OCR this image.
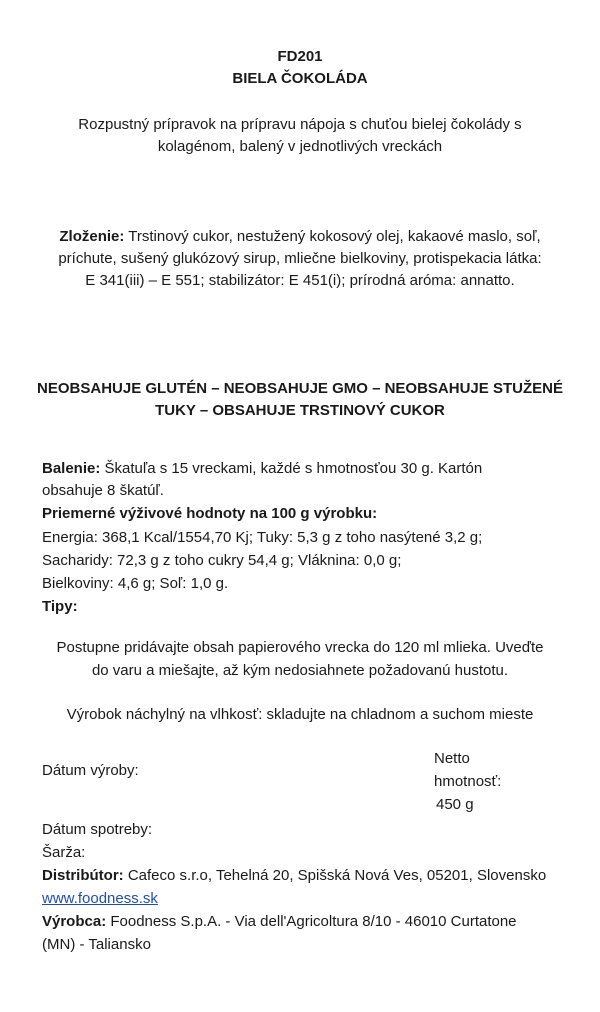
FD201
BIELA ČOKOLÁDA
Rozpustný prípravok na prípravu nápoja s chuťou bielej čokolády s
kolagénom, balený v jednotlivých vreckách
Zloženie: Trstinový cukor, nestužený kokosový olej, kakaové maslo, soľ,
príchute, sušený glukózový sirup, mliečne bielkoviny, protispekacia látka:
E 341(iii) – E 551; stabilizátor: E 451(i); prírodná aróma: annatto.
NEOBSAHUJE GLUTÉN – NEOBSAHUJE GMO – NEOBSAHUJE STUŽENÉ
TUKY – OBSAHUJE TRSTINOVÝ CUKOR
Balenie: Škatuľa s 15 vreckami, každé s hmotnosťou 30 g. Kartón
obsahuje 8 škatúľ.
Priemerné výživové hodnoty na 100 g výrobku:
Energia: 368,1 Kcal/1554,70 Kj; Tuky: 5,3 g z toho nasýtené 3,2 g;
Sacharidy: 72,3 g z toho cukry 54,4 g; Vláknina: 0,0 g;
Bielkoviny: 4,6 g; Soľ: 1,0 g.
Tipy:
Postupne pridávajte obsah papierového vrecka do 120 ml mlieka. Uveďte
do varu a miešajte, až kým nedosiahnete požadovanú hustotu.
Výrobok náchylný na vlhkosť: skladujte na chladnom a suchom mieste
Dátum výroby:
Netto
hmotnosť:
450 g
Dátum spotreby:
Šarža:
Distribútor: Cafeco s.r.o, Tehelná 20, Spišská Nová Ves, 05201, Slovensko
www.foodness.sk
Výrobca: Foodness S.p.A. - Via dell'Agricoltura 8/10 - 46010 Curtatone
(MN) - Taliansko
